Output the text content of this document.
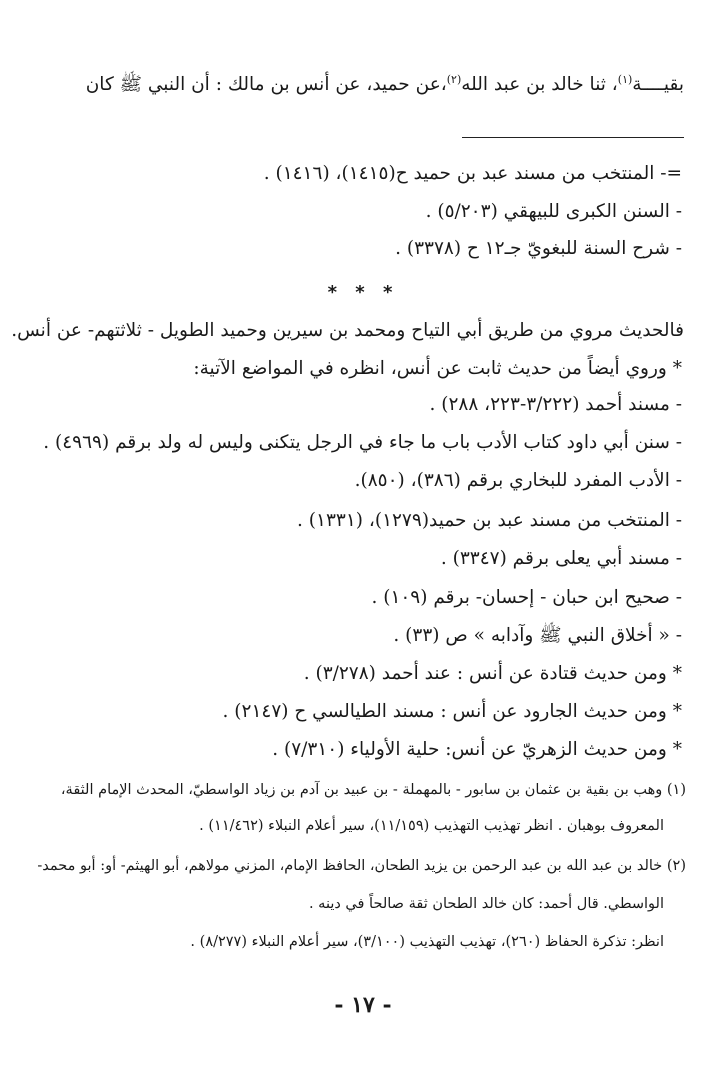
بقيــــة$^{(١)}$، ثنا خالد بن عبد الله$^{(٢)}$،عن حميد، عن أنس بن مالك : أن النبي ﷺ كان
=- المنتخب من مسند عبد بن حميد ح(١٤١٥)، (١٤١٦) .
- السنن الكبرى للبيهقي (٥/٢٠٣) .
- شرح السنة للبغويّ جـ١٢ ح (٣٣٧٨) .
* * *
فالحديث مروي من طريق أبي التياح ومحمد بن سيرين وحميد الطويل - ثلاثتهم- عن أنس.
* وروي أيضاً من حديث ثابت عن أنس، انظره في المواضع الآتية:
- مسند أحمد (٣/٢٢٢-٢٢٣، ٢٨٨) .
- سنن أبي داود كتاب الأدب باب ما جاء في الرجل يتكنى وليس له ولد برقم (٤٩٦٩) .
- الأدب المفرد للبخاري برقم (٣٨٦)، (٨٥٠).
- المنتخب من مسند عبد بن حميد(١٢٧٩)، (١٣٣١) .
- مسند أبي يعلى برقم (٣٣٤٧) .
- صحيح ابن حبان - إحسان- برقم (١٠٩) .
- « أخلاق النبي ﷺ وآدابه » ص (٣٣) .
* ومن حديث قتادة عن أنس : عند أحمد (٣/٢٧٨) .
* ومن حديث الجارود عن أنس : مسند الطيالسي ح (٢١٤٧) .
* ومن حديث الزهريّ عن أنس: حلية الأولياء (٧/٣١٠) .
(١) وهب بن بقية بن عثمان بن سابور - بالمهملة - بن عبيد بن آدم بن زياد الواسطيّ، المحدث الإمام الثقة،
المعروف بوهبان . انظر تهذيب التهذيب (١١/١٥٩)، سير أعلام النبلاء (١١/٤٦٢) .
(٢) خالد بن عبد الله بن عبد الرحمن بن يزيد الطحان، الحافظ الإمام، المزني مولاهم، أبو الهيثم- أو: أبو محمد-
الواسطي. قال أحمد: كان خالد الطحان ثقة صالحاً في دينه .
انظر: تذكرة الحفاظ (٢٦٠)، تهذيب التهذيب (٣/١٠٠)، سير أعلام النبلاء (٨/٢٧٧) .
- ١٧ -
